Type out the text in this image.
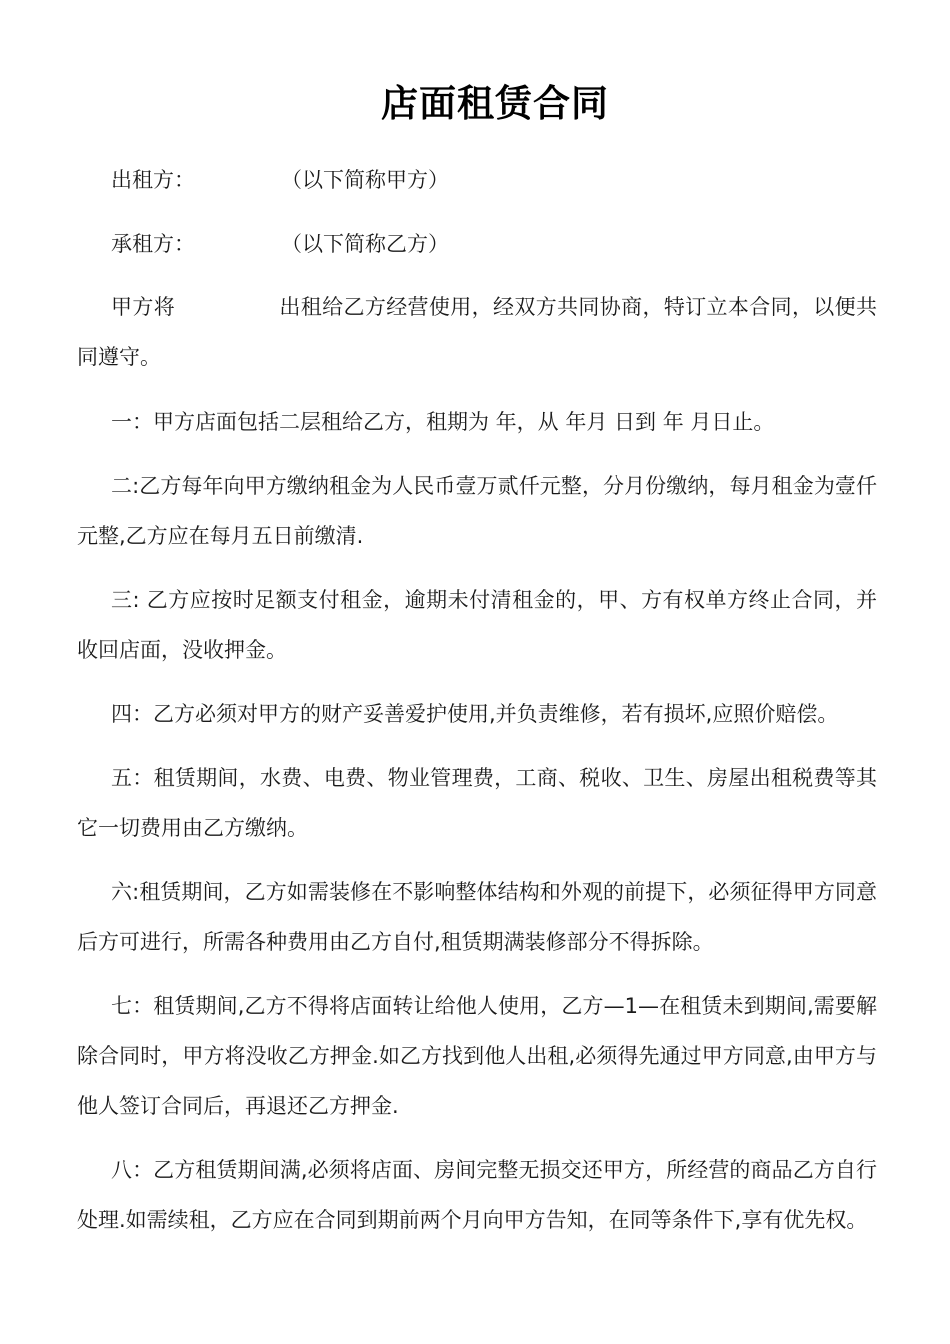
店面租赁合同
出租方：	（以下简称甲方）
承租方：	（以下简称乙方）

甲方将	出租给乙方经营使用，经双方共同协商，特订立本合同，以便共同遵守。

一：甲方店面包括二层租给乙方，租期为 年，从 年月 日到 年 月日止。

二:乙方每年向甲方缴纳租金为人民币壹万贰仟元整，分月份缴纳，每月租金为壹仟元整,乙方应在每月五日前缴清.

三: 乙方应按时足额支付租金，逾期未付清租金的，甲、方有权单方终止合同，并收回店面，没收押金。

四：乙方必须对甲方的财产妥善爱护使用,并负责维修，若有损坏,应照价赔偿。

五：租赁期间，水费、电费、物业管理费，工商、税收、卫生、房屋出租税费等其它一切费用由乙方缴纳。

六:租赁期间，乙方如需装修在不影响整体结构和外观的前提下，必须征得甲方同意后方可进行，所需各种费用由乙方自付,租赁期满装修部分不得拆除。

七：租赁期间,乙方不得将店面转让给他人使用，乙方—1—在租赁未到期间,需要解除合同时，甲方将没收乙方押金.如乙方找到他人出租,必须得先通过甲方同意,由甲方与他人签订合同后，再退还乙方押金.

八：乙方租赁期间满,必须将店面、房间完整无损交还甲方，所经营的商品乙方自行处理.如需续租，乙方应在合同到期前两个月向甲方告知，在同等条件下,享有优先权。
